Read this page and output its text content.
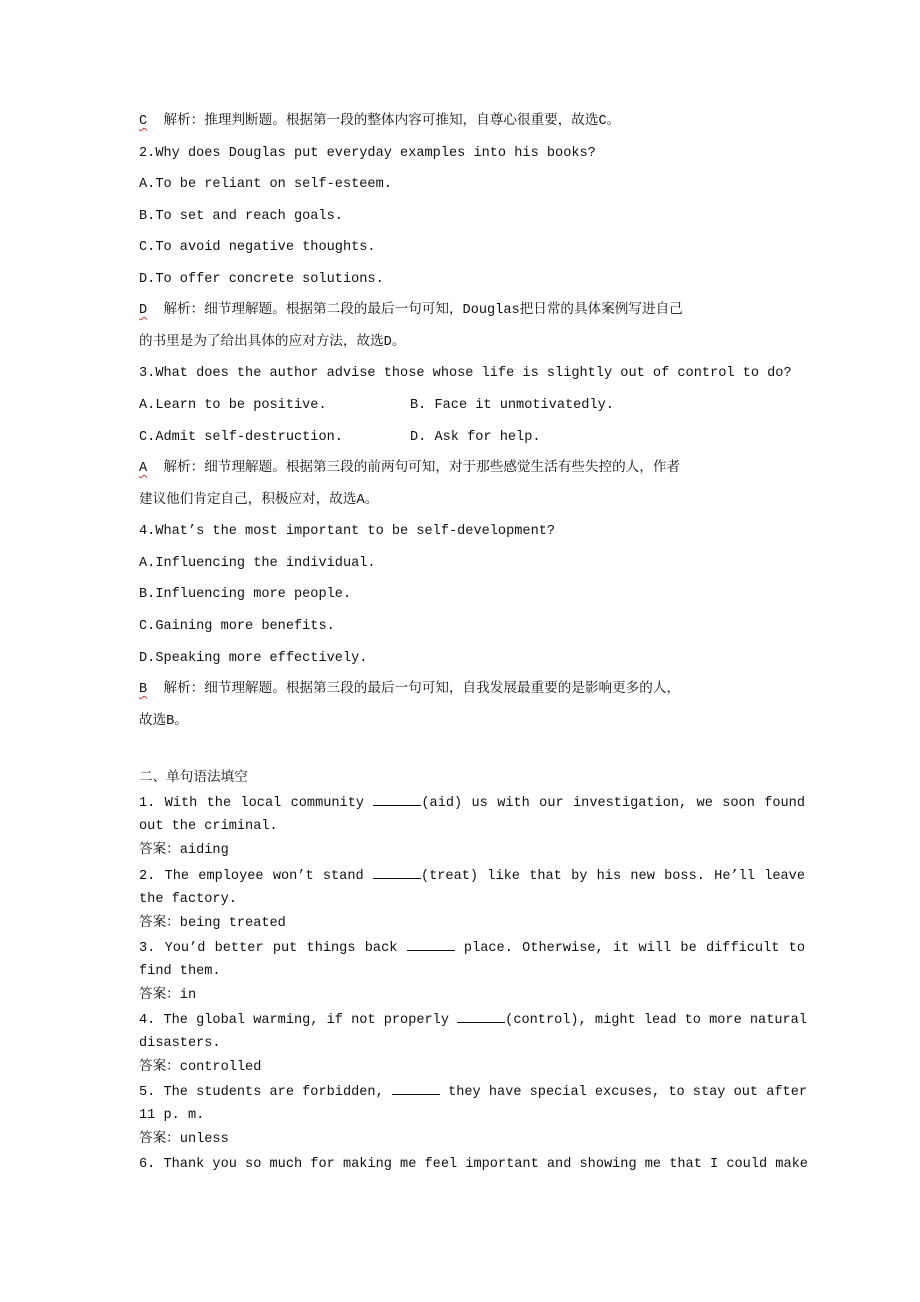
C  解析：推理判断题。根据第一段的整体内容可推知，自尊心很重要，故选C。
2.Why does Douglas put everyday examples into his books?
A.To be reliant on self-esteem.
B.To set and reach goals.
C.To avoid negative thoughts.
D.To offer concrete solutions.
D  解析：细节理解题。根据第二段的最后一句可知，Douglas把日常的具体案例写进自己
的书里是为了给出具体的应对方法，故选D。
3.What does the author advise those whose life is slightly out of control to do?
A.Learn to be positive.	B. Face it unmotivatedly.
C.Admit self-destruction.	D. Ask for help.
A  解析：细节理解题。根据第三段的前两句可知，对于那些感觉生活有些失控的人，作者
建议他们肯定自己，积极应对，故选A。
4.What’s the most important to be self-development?
A.Influencing the individual.
B.Influencing more people.
C.Gaining more benefits.
D.Speaking more effectively.
B  解析：细节理解题。根据第三段的最后一句可知，自我发展最重要的是影响更多的人，
故选B。
二、单句语法填空
1. With the local community	(aid) us with our investigation, we soon found
out the criminal.
答案：aiding
2. The employee won’t stand	(treat) like that by his new boss. He’ll leave
the factory.
答案：being treated
3. You’d better put things back	place. Otherwise, it will be difficult to
find them.
答案：in
4. The global warming, if not properly	(control), might lead to more natural
disasters.
答案：controlled
5. The students are forbidden,	they have special excuses, to stay out after
11 p. m.
答案：unless
6. Thank you so much for making me feel important and showing me that I could make
